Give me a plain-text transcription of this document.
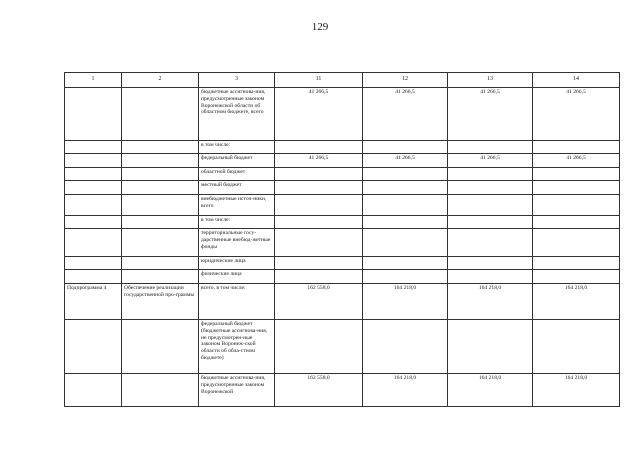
129
1	2	3	11	12	13	14
		бюджетные ассигнова-ния, предусмотренные законом Воронежской области об областном бюджете, всего	41 266,5	41 266,5	41 266,5	41 266,5
		в том числе:				
		федеральный бюджет	41 266,5	41 266,5	41 266,5	41 266,5
		областной бюджет				
		местный бюджет				
		внебюджетные источ-ники, всего				
		в том числе:				
		территориальные госу-дарственные внебюд-жетные фонды				
		юридические лица				
		физические лица				
Подпрограмма 4	Обеспечение реализации государственной про-граммы	всего, в том числе:	162 558,0	164 218,0	164 218,0	164 218,0
		федеральный бюджет (бюджетные ассигнова-ния, не предусмотрен-ные законом Воронеж-ской области об обла-стном бюджете)				
		бюджетные ассигнова-ния, предусмотренные законом Воронежской	162 558,0	164 218,0	164 218,0	164 218,0
